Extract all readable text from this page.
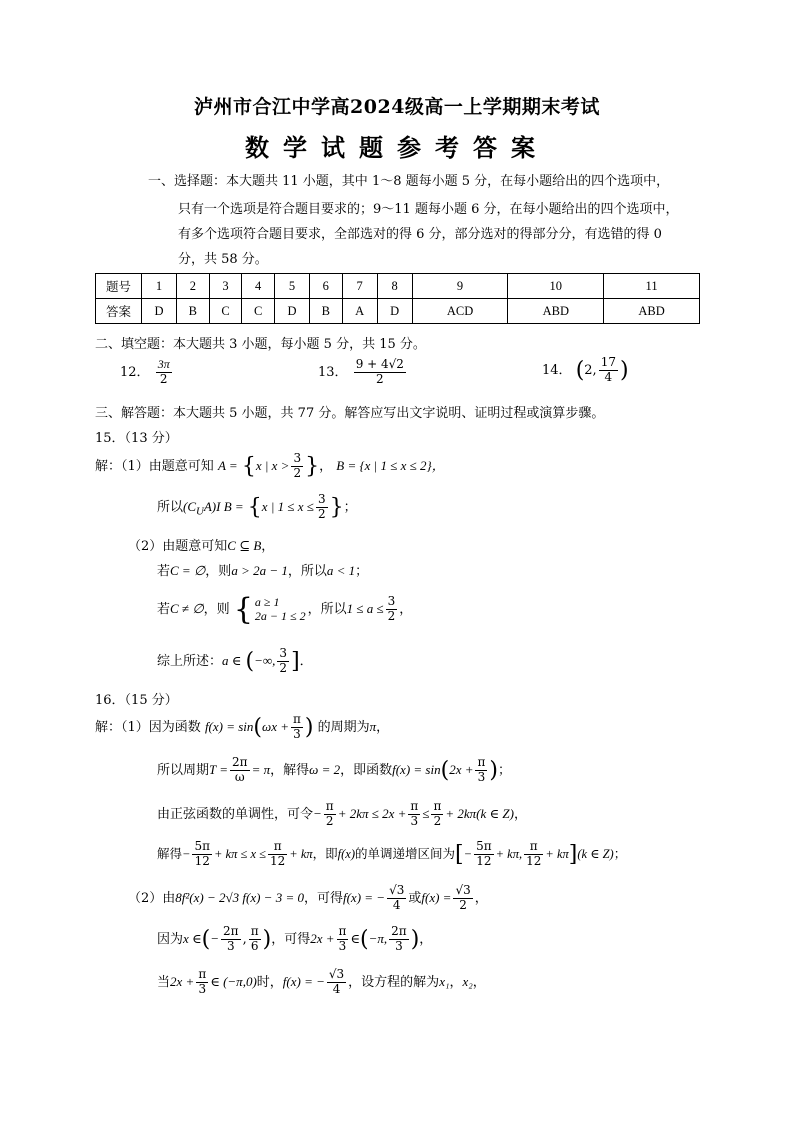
泸州市合江中学高2024级高一上学期期末考试
数学试题参考答案
一、选择题：本大题共 11 小题，其中 1～8 题每小题 5 分，在每小题给出的四个选项中，
只有一个选项是符合题目要求的；9～11 题每小题 6 分，在每小题给出的四个选项中，
有多个选项符合题目要求，全部选对的得 6 分，部分选对的得部分分，有选错的得 0
分，共 58 分。
题号	1	2	3	4	5	6	7	8	9	10	11
答案	D	B	C	C	D	B	A	D	ACD	ABD	ABD
二、填空题：本大题共 3 小题，每小题 5 分，共 15 分。
12． $\frac{3\pi}{2}$	13． $\frac{9 + 4√2}{2}$	14． (2, $\frac{17}{4}$ )
三、解答题：本大题共 5 小题，共 77 分。解答应写出文字说明、证明过程或演算步骤。
15．（13 分）
解：（1）由题意可知 A = {x | $x > \frac{3}{2}$ }， B = {x | 1 ≤ x ≤ 2}，
所以$(C_UA)I$ B = {x | $1 \le x \le \frac{3}{2}$ }；
（2）由题意可知C ⊆ B，
若C = ∅，则a > 2a − 1，所以a < 1；
若C ≠ ∅，则 { a ≥ 1
2a − 1 ≤ 2 ，所以$1 \le a \le \frac{3}{2}$ ，
综上所述：a ∈ (−∞, $\frac{3}{2}$ ]．
16．（15 分）
解：（1）因为函数 $f(x) = \sin(\omega x + \frac{\pi}{3}$ ) 的周期为π，
所以周期$T = \frac{2\pi}{\omega} = \pi$，解得ω = 2，即函数$f(x) = \sin(2x + \frac{\pi}{3}$ )；
由正弦函数的单调性，可令− $\frac{\pi}{2} + 2k\pi \le 2x + \frac{\pi}{3} \le \frac{\pi}{2} + 2k\pi(k$ ∈ Z)，
解得− $\frac{5\pi}{12} + k\pi \le x \le \frac{\pi}{12} + k\pi$，即f(x)的单调递增区间为[− $\frac{5\pi}{12} + k\pi$, $\frac{\pi}{12} + k\pi](k$ ∈ Z)；
（2）由8f²(x) − 2√3 f(x) − 3 = 0，可得f(x) = − $\frac{√3}{4}$ 或$f(x) = \frac{√3}{2}$ ，
因为x ∈(− $\frac{2\pi}{3}$ , $\frac{\pi}{6}$ )，可得$2x + \frac{\pi}{3}$ ∈(−π, $\frac{2\pi}{3}$ )，
当$2x + \frac{\pi}{3}$ ∈ (−π,0)时，f(x) = − $\frac{√3}{4}$ ，设方程的解为x₁，x₂，
